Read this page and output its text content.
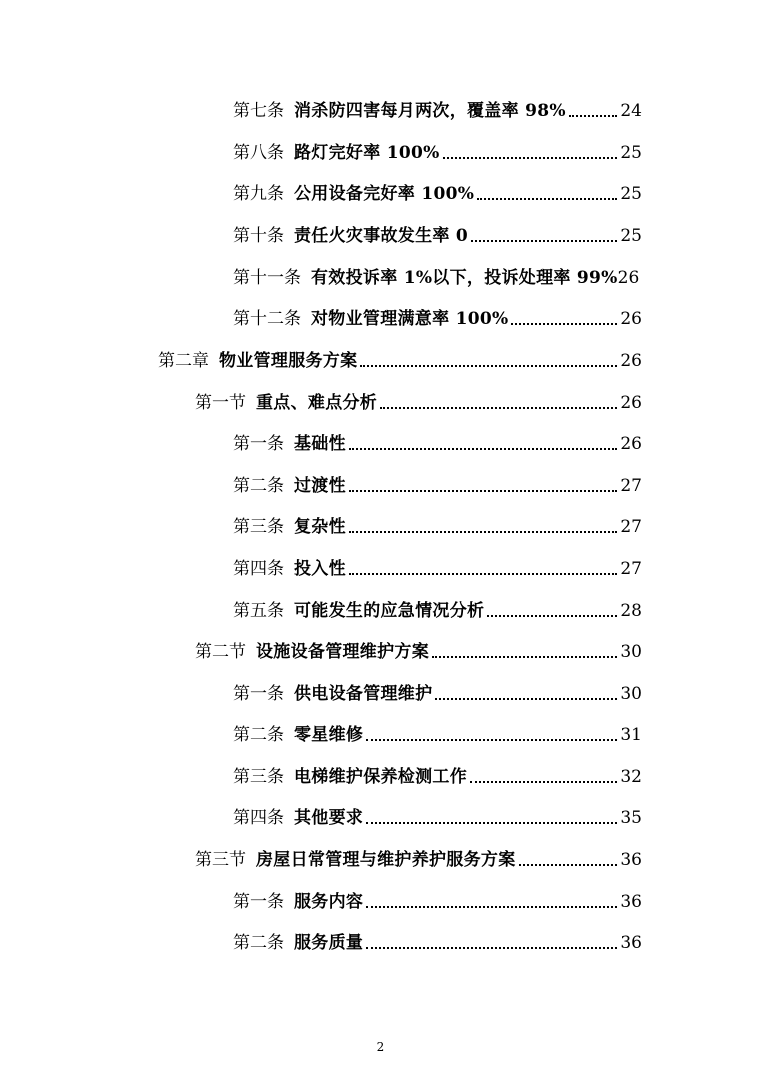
第七条 消杀防四害每月两次，覆盖率 98%	24
第八条 路灯完好率 100%	25
第九条 公用设备完好率 100%	25
第十条 责任火灾事故发生率 0	25
第十一条 有效投诉率 1%以下，投诉处理率 99% 26
第十二条 对物业管理满意率 100%	26
第二章 物业管理服务方案	26
第一节 重点、难点分析	26
第一条 基础性	26
第二条 过渡性	27
第三条 复杂性	27
第四条 投入性	27
第五条 可能发生的应急情况分析	28
第二节 设施设备管理维护方案	30
第一条 供电设备管理维护	30
第二条 零星维修	31
第三条 电梯维护保养检测工作	32
第四条 其他要求	35
第三节 房屋日常管理与维护养护服务方案	36
第一条 服务内容	36
第二条 服务质量	36
2
